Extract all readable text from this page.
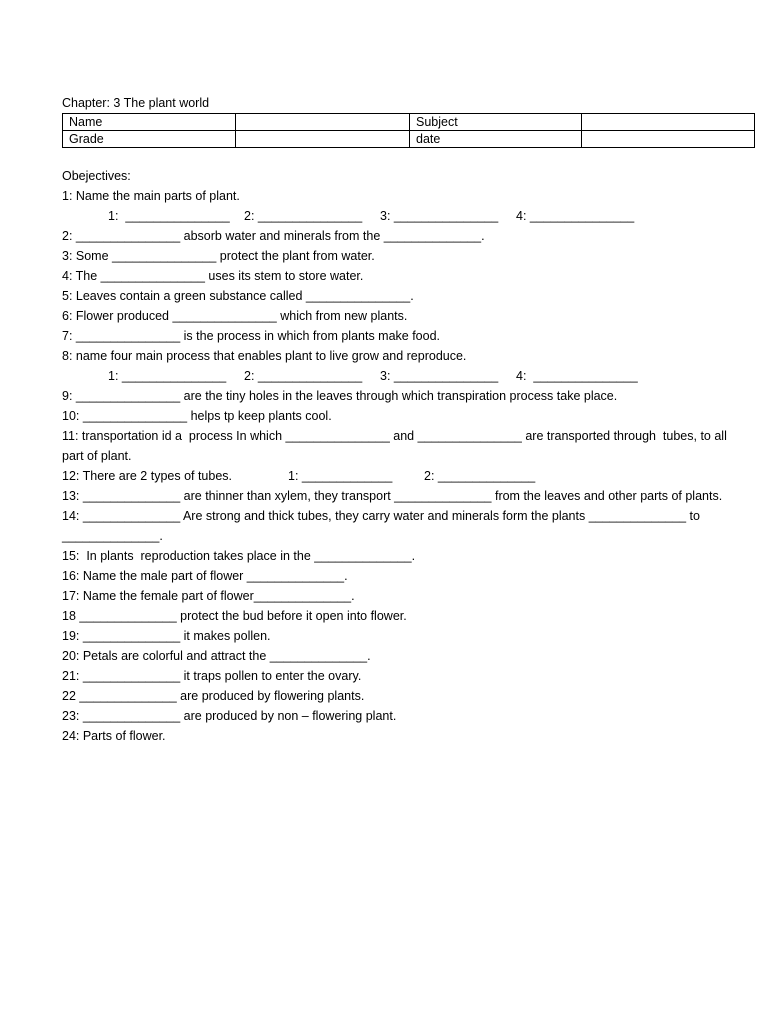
Chapter: 3 The plant world
Name		Subject	
Grade		date	
Obejectives:
1: Name the main parts of plant.
1:  _______________	2: _______________	3: _______________	4: _______________
2: _______________ absorb water and minerals from the ______________.
3: Some _______________ protect the plant from water.
4: The _______________ uses its stem to store water.
5: Leaves contain a green substance called _______________.
6: Flower produced _______________ which from new plants.
7: _______________ is the process in which from plants make food.
8: name four main process that enables plant to live grow and reproduce.
1: _______________	2: _______________	3: _______________	4:  _______________
9: _______________ are the tiny holes in the leaves through which transpiration process take place.
10: _______________ helps tp keep plants cool.
11: transportation id a  process In which _______________ and _______________ are transported through  tubes, to all
part of plant.
12: There are 2 types of tubes.	1: _____________	2: ______________
13: ______________ are thinner than xylem, they transport ______________ from the leaves and other parts of plants.
14: ______________ Are strong and thick tubes, they carry water and minerals form the plants ______________ to
______________.
15:  In plants  reproduction takes place in the ______________.
16: Name the male part of flower ______________.
17: Name the female part of flower______________.
18 ______________ protect the bud before it open into flower.
19: ______________ it makes pollen.
20: Petals are colorful and attract the ______________.
21: ______________ it traps pollen to enter the ovary.
22 ______________ are produced by flowering plants.
23: ______________ are produced by non – flowering plant.
24: Parts of flower.
